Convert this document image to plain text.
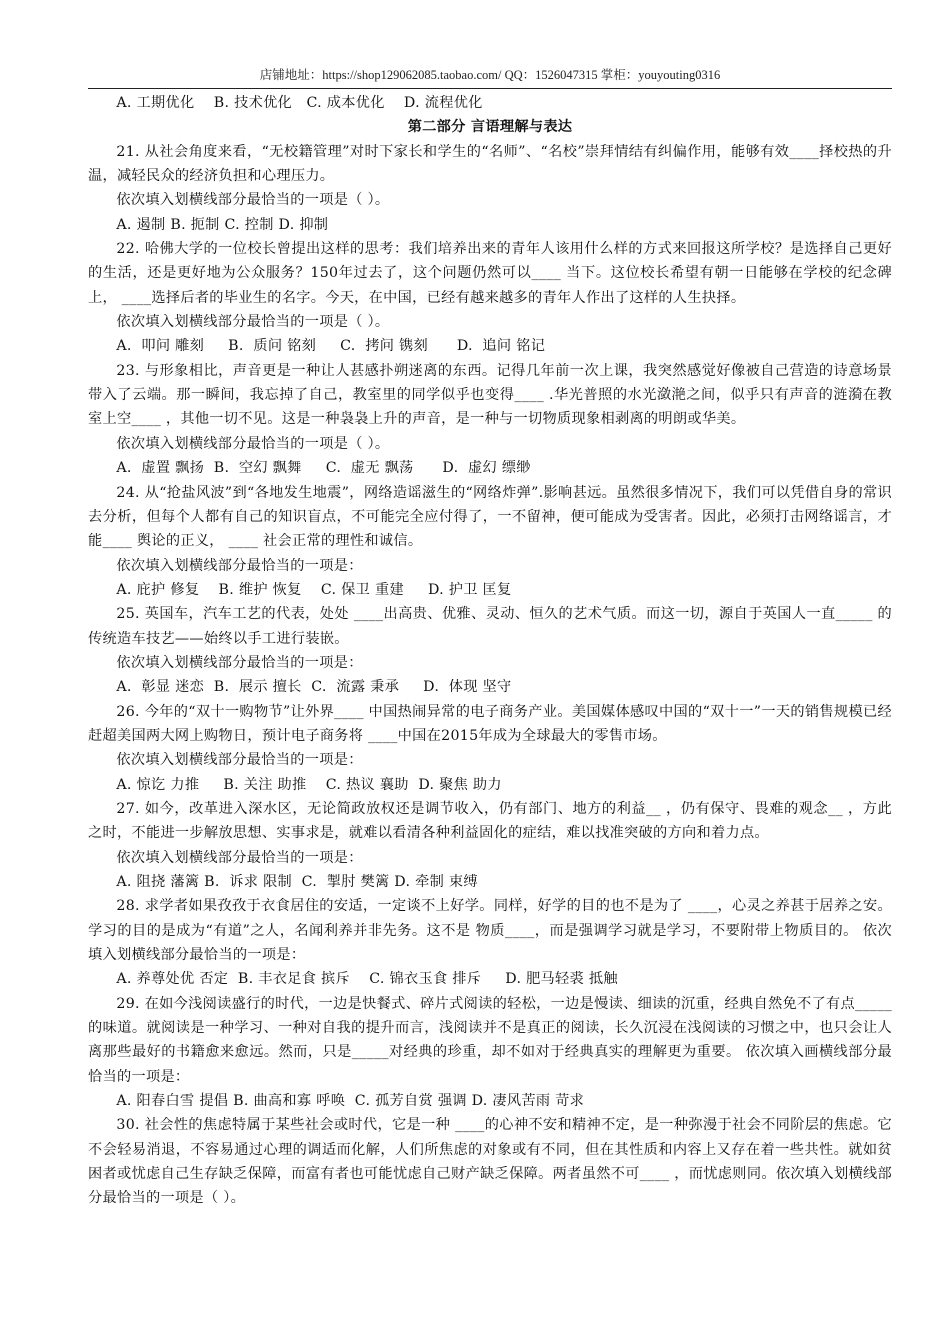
店铺地址：https://shop129062085.taobao.com/ QQ：1526047315 掌柜：youyouting0316

A. 工期优化    B. 技术优化   C. 成本优化    D. 流程优化

第二部分 言语理解与表达

21. 从社会角度来看，“无校籍管理”对时下家长和学生的“名师”、“名校”崇拜情结有纠偏作用，能够有效____择校热的升温，减轻民众的经济负担和心理压力。

依次填入划横线部分最恰当的一项是（ ）。

A. 遏制 B. 扼制 C. 控制 D. 抑制

22. 哈佛大学的一位校长曾提出这样的思考：我们培养出来的青年人该用什么样的方式来回报这所学校？是选择自己更好的生活，还是更好地为公众服务？150年过去了，这个问题仍然可以____ 当下。这位校长希望有朝一日能够在学校的纪念碑上， ____选择后者的毕业生的名字。今天，在中国，已经有越来越多的青年人作出了这样的人生抉择。

依次填入划横线部分最恰当的一项是（ ）。

A.  叩问 雕刻     B.  质问 铭刻     C.  拷问 镌刻      D.  追问 铭记

23. 与形象相比，声音更是一种让人甚感扑朔迷离的东西。记得几年前一次上课，我突然感觉好像被自己营造的诗意场景带入了云端。那一瞬间，我忘掉了自己，教室里的同学似乎也变得____ .华光普照的水光潋滟之间，似乎只有声音的涟漪在教室上空____ ，其他一切不见。这是一种袅袅上升的声音，是一种与一切物质现象相剥离的明朗或华美。

依次填入划横线部分最恰当的一项是（ ）。

A.  虚置 飘扬  B.  空幻 飘舞     C.  虚无 飘荡      D.  虚幻 缥缈

24. 从“抢盐风波”到“各地发生地震”，网络造谣滋生的“网络炸弹”.影响甚远。虽然很多情况下，我们可以凭借自身的常识去分析，但每个人都有自己的知识盲点，不可能完全应付得了，一不留神，便可能成为受害者。因此，必须打击网络谣言，才能____ 舆论的正义， ____ 社会正常的理性和诚信。

依次填入划横线部分最恰当的一项是：

A. 庇护 修复    B. 维护 恢复    C. 保卫 重建     D. 护卫 匡复

25. 英国车，汽车工艺的代表，处处 ____出高贵、优雅、灵动、恒久的艺术气质。而这一切，源自于英国人一直_____ 的传统造车技艺——始终以手工进行装嵌。

依次填入划横线部分最恰当的一项是：

A.  彰显 迷恋  B.  展示 擅长  C.  流露 秉承     D.  体现 坚守

26. 今年的“双十一购物节”让外界____ 中国热闹异常的电子商务产业。美国媒体感叹中国的“双十一”一天的销售规模已经赶超美国两大网上购物日，预计电子商务将 ____中国在2015年成为全球最大的零售市场。

依次填入划横线部分最恰当的一项是：

A. 惊讫 力推     B. 关注 助推    C. 热议 襄助  D. 聚焦 助力

27. 如今，改革进入深水区，无论简政放权还是调节收入，仍有部门、地方的利益__ ，仍有保守、畏难的观念__ ，方此之时，不能进一步解放思想、实事求是，就难以看清各种利益固化的症结，难以找准突破的方向和着力点。

依次填入划横线部分最恰当的一项是：

A. 阻挠 藩篱 B.  诉求 限制  C.  掣肘 樊篱 D. 牵制 束缚

28. 求学者如果孜孜于衣食居住的安适，一定谈不上好学。同样，好学的目的也不是为了 ____，心灵之养甚于居养之安。学习的目的是成为“有道”之人，名闻利养并非先务。这不是 物质____，而是强调学习就是学习，不要附带上物质目的。 依次填入划横线部分最恰当的一项是：

A. 养尊处优 否定  B. 丰衣足食 摈斥    C. 锦衣玉食 排斥     D. 肥马轻裘 抵触

29. 在如今浅阅读盛行的时代，一边是快餐式、碎片式阅读的轻松，一边是慢读、细读的沉重，经典自然免不了有点_____的味道。就阅读是一种学习、一种对自我的提升而言，浅阅读并不是真正的阅读，长久沉浸在浅阅读的习惯之中，也只会让人离那些最好的书籍愈来愈远。然而，只是_____对经典的珍重，却不如对于经典真实的理解更为重要。 依次填入画横线部分最恰当的一项是：

A. 阳春白雪 提倡 B. 曲高和寡 呼唤  C. 孤芳自赏 强调 D. 凄风苦雨 苛求

30. 社会性的焦虑特属于某些社会或时代，它是一种 ____的心神不安和精神不定，是一种弥漫于社会不同阶层的焦虑。它不会轻易消退，不容易通过心理的调适而化解，人们所焦虑的对象或有不同，但在其性质和内容上又存在着一些共性。就如贫困者或忧虑自己生存缺乏保障，而富有者也可能忧虑自己财产缺乏保障。两者虽然不可____ ，而忧虑则同。依次填入划横线部分最恰当的一项是（ ）。
